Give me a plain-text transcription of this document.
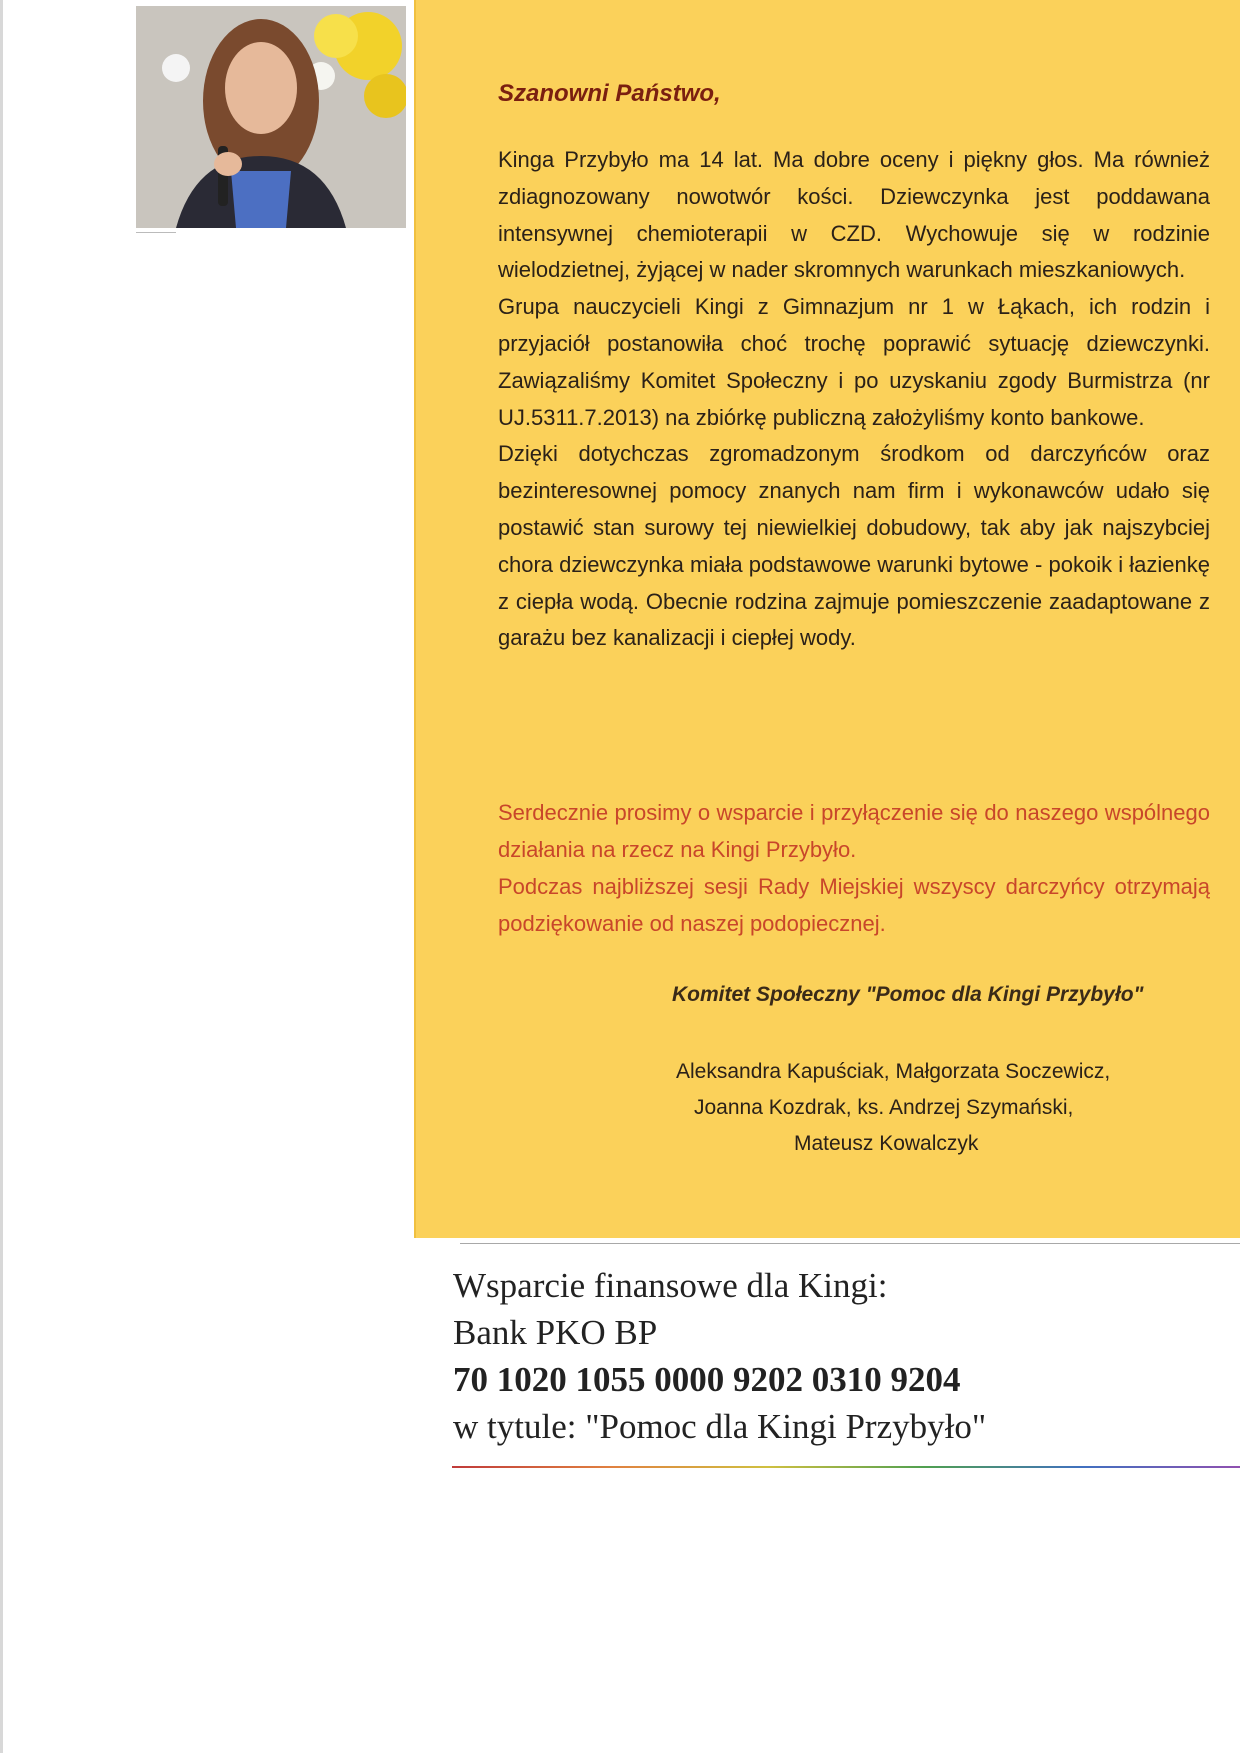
Szanowni Państwo,

Kinga Przybyło ma 14 lat. Ma dobre oceny i piękny głos. Ma również zdiagnozowany nowotwór kości. Dziewczynka jest poddawana intensywnej chemioterapii w CZD. Wychowuje się w rodzinie wielodzietnej, żyjącej w nader skromnych warunkach mieszkaniowych.

Grupa nauczycieli Kingi z Gimnazjum nr 1 w Łąkach, ich rodzin i przyjaciół postanowiła choć trochę poprawić sytuację dziewczynki. Zawiązaliśmy Komitet Społeczny i po uzyskaniu zgody Burmistrza (nr UJ.5311.7.2013) na zbiórkę publiczną założyliśmy konto bankowe.

Dzięki dotychczas zgromadzonym środkom od darczyńców oraz bezinteresownej pomocy znanych nam firm i wykonawców udało się postawić stan surowy tej niewielkiej dobudowy, tak aby jak najszybciej chora dziewczynka miała podstawowe warunki bytowe - pokoik i łazienkę z ciepła wodą. Obecnie rodzina zajmuje pomieszczenie zaadaptowane z garażu bez kanalizacji i ciepłej wody.

Serdecznie prosimy o wsparcie i przyłączenie się do naszego wspólnego działania na rzecz na Kingi Przybyło.

Podczas najbliższej sesji Rady Miejskiej wszyscy darczyńcy otrzymają podziękowanie od naszej podopiecznej.

Komitet Społeczny "Pomoc dla Kingi Przybyło"
Aleksandra Kapuściak, Małgorzata Soczewicz,
Joanna Kozdrak, ks. Andrzej Szymański,
Mateusz Kowalczyk
Wsparcie finansowe dla Kingi:
Bank PKO BP
70 1020 1055 0000 9202 0310 9204
w tytule: "Pomoc dla Kingi Przybyło"
